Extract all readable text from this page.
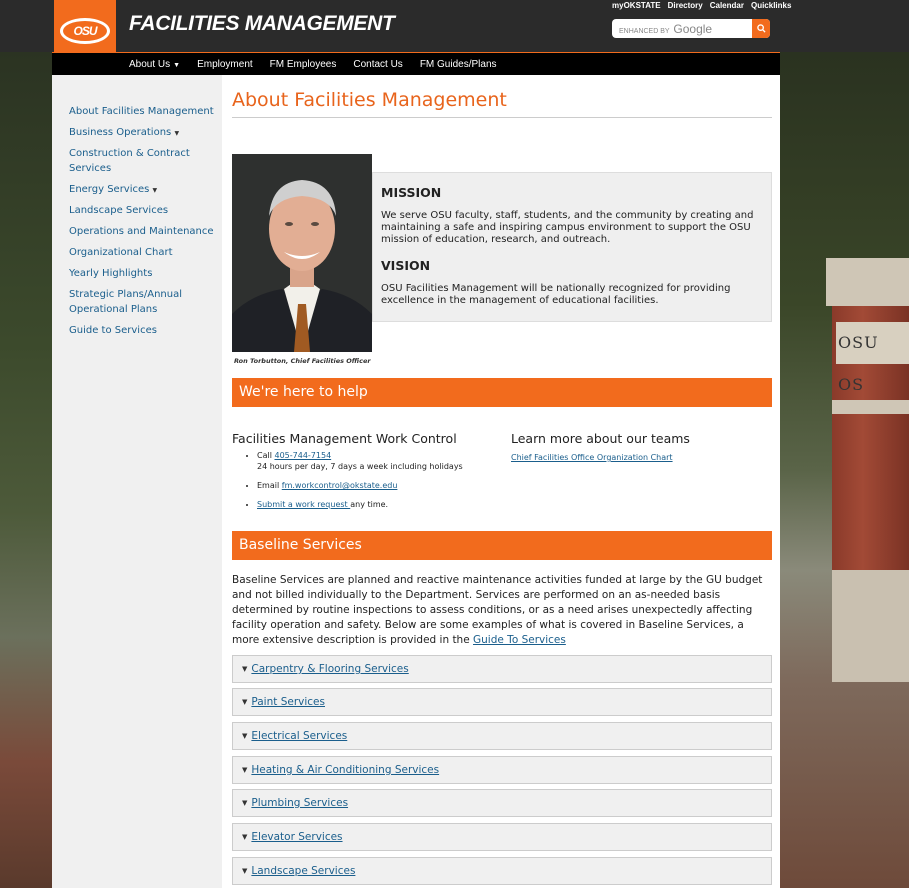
OSU OS
FACILITIES MANAGEMENT
myOKSTATE Directory Calendar Quicklinks
ENHANCED BY Google
OSU
About Us ▼ Employment FM Employees Contact Us FM Guides/Plans
About Facilities Management
Business Operations ▼
Construction & Contract Services
Energy Services ▼
Landscape Services
Operations and Maintenance
Organizational Chart
Yearly Highlights
Strategic Plans/Annual Operational Plans
Guide to Services
About Facilities Management
Ron Torbutton, Chief Facilities Officer
MISSION

We serve OSU faculty, staff, students, and the community by creating and maintaining a safe and inspiring campus environment to support the OSU mission of education, research, and outreach.

VISION

OSU Facilities Management will be nationally recognized for providing excellence in the management of educational facilities.

We're here to help
Facilities Management Work Control
• Call 405-744-7154
24 hours per day, 7 days a week including holidays
• Email fm.workcontrol@okstate.edu
• Submit a work request any time.
Learn more about our teams
Chief Facilities Office Organization Chart
Baseline Services

Baseline Services are planned and reactive maintenance activities funded at large by the GU budget and not billed individually to the Department. Services are performed on an as-needed basis determined by routine inspections to assess conditions, or as a need arises unexpectedly affecting facility operation and safety. Below are some examples of what is covered in Baseline Services, a more extensive description is provided in the Guide To Services

▼ Carpentry & Flooring Services
▼ Paint Services
▼ Electrical Services
▼ Heating & Air Conditioning Services
▼ Plumbing Services
▼ Elevator Services
▼ Landscape Services
